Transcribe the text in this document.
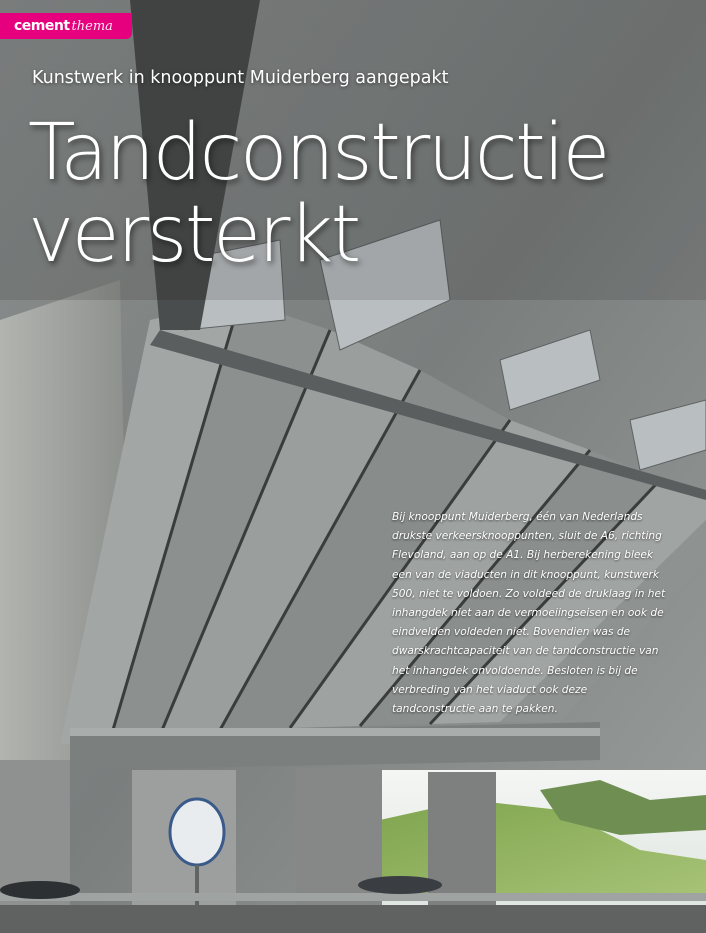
cement thema
Kunstwerk in knooppunt Muiderberg aangepakt
Tandconstructie
versterkt

Bij knooppunt Muiderberg, één van Nederlands drukste verkeersknooppunten, sluit de A6, richting Flevoland, aan op de A1. Bij herberekening bleek een van de viaducten in dit knooppunt, kunstwerk 500, niet te voldoen. Zo voldeed de druklaag in het inhangdek niet aan de vermoeiingseisen en ook de eindvelden voldeden niet. Bovendien was de dwarskrachtcapaciteit van de tandconstructie van het inhangdek onvoldoende. Besloten is bij de verbreding van het viaduct ook deze tandconstructie aan te pakken.
